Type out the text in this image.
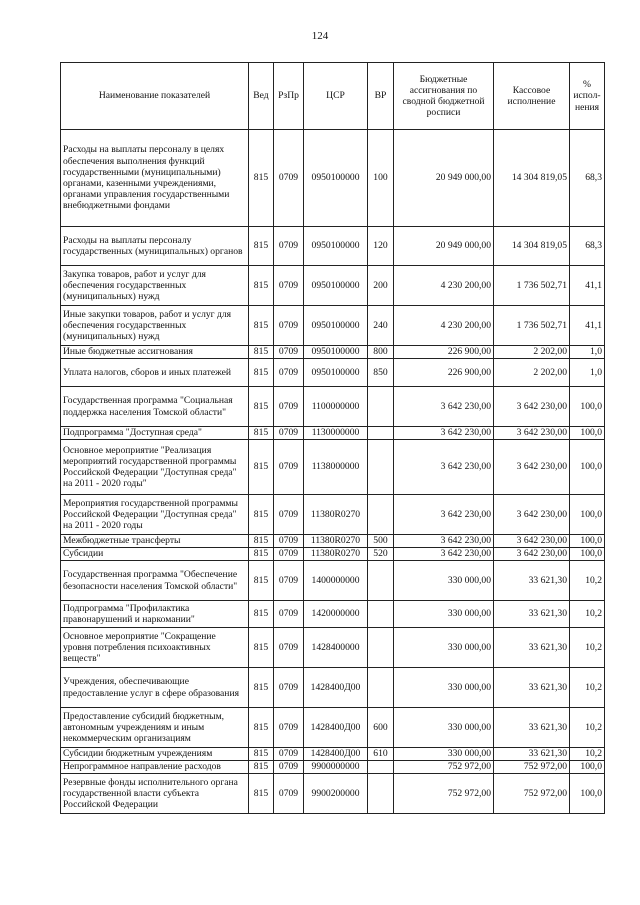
124
Наименование показателей	Вед	РзПр	ЦСР	ВР	Бюджетные ассигнования по сводной бюджетной росписи	Кассовое исполнение	% испол-нения
Расходы на выплаты персоналу в целях обеспечения выполнения функций государственными (муниципальными) органами, казенными учреждениями, органами управления государственными внебюджетными фондами	815	0709	0950100000	100	20 949 000,00	14 304 819,05	68,3
Расходы на выплаты персоналу государственных (муниципальных) органов	815	0709	0950100000	120	20 949 000,00	14 304 819,05	68,3
Закупка товаров, работ и услуг для обеспечения государственных (муниципальных) нужд	815	0709	0950100000	200	4 230 200,00	1 736 502,71	41,1
Иные закупки товаров, работ и услуг для обеспечения государственных (муниципальных) нужд	815	0709	0950100000	240	4 230 200,00	1 736 502,71	41,1
Иные бюджетные ассигнования	815	0709	0950100000	800	226 900,00	2 202,00	1,0
Уплата налогов, сборов и иных платежей	815	0709	0950100000	850	226 900,00	2 202,00	1,0
Государственная программа "Социальная поддержка населения Томской области"	815	0709	1100000000		3 642 230,00	3 642 230,00	100,0
Подпрограмма "Доступная среда"	815	0709	1130000000		3 642 230,00	3 642 230,00	100,0
Основное мероприятие "Реализация мероприятий государственной программы Российской Федерации "Доступная среда" на 2011 - 2020 годы"	815	0709	1138000000		3 642 230,00	3 642 230,00	100,0
Мероприятия государственной программы Российской Федерации "Доступная среда" на 2011 - 2020 годы	815	0709	11380R0270		3 642 230,00	3 642 230,00	100,0
Межбюджетные трансферты	815	0709	11380R0270	500	3 642 230,00	3 642 230,00	100,0
Субсидии	815	0709	11380R0270	520	3 642 230,00	3 642 230,00	100,0
Государственная программа "Обеспечение безопасности населения Томской области"	815	0709	1400000000		330 000,00	33 621,30	10,2
Подпрограмма "Профилактика правонарушений и наркомании"	815	0709	1420000000		330 000,00	33 621,30	10,2
Основное мероприятие "Сокращение уровня потребления психоактивных веществ"	815	0709	1428400000		330 000,00	33 621,30	10,2
Учреждения, обеспечивающие предоставление услуг в сфере образования	815	0709	1428400Д00		330 000,00	33 621,30	10,2
Предоставление субсидий бюджетным, автономным учреждениям и иным некоммерческим организациям	815	0709	1428400Д00	600	330 000,00	33 621,30	10,2
Субсидии бюджетным учреждениям	815	0709	1428400Д00	610	330 000,00	33 621,30	10,2
Непрограммное направление расходов	815	0709	9900000000		752 972,00	752 972,00	100,0
Резервные фонды исполнительного органа государственной власти субъекта Российской Федерации	815	0709	9900200000		752 972,00	752 972,00	100,0
